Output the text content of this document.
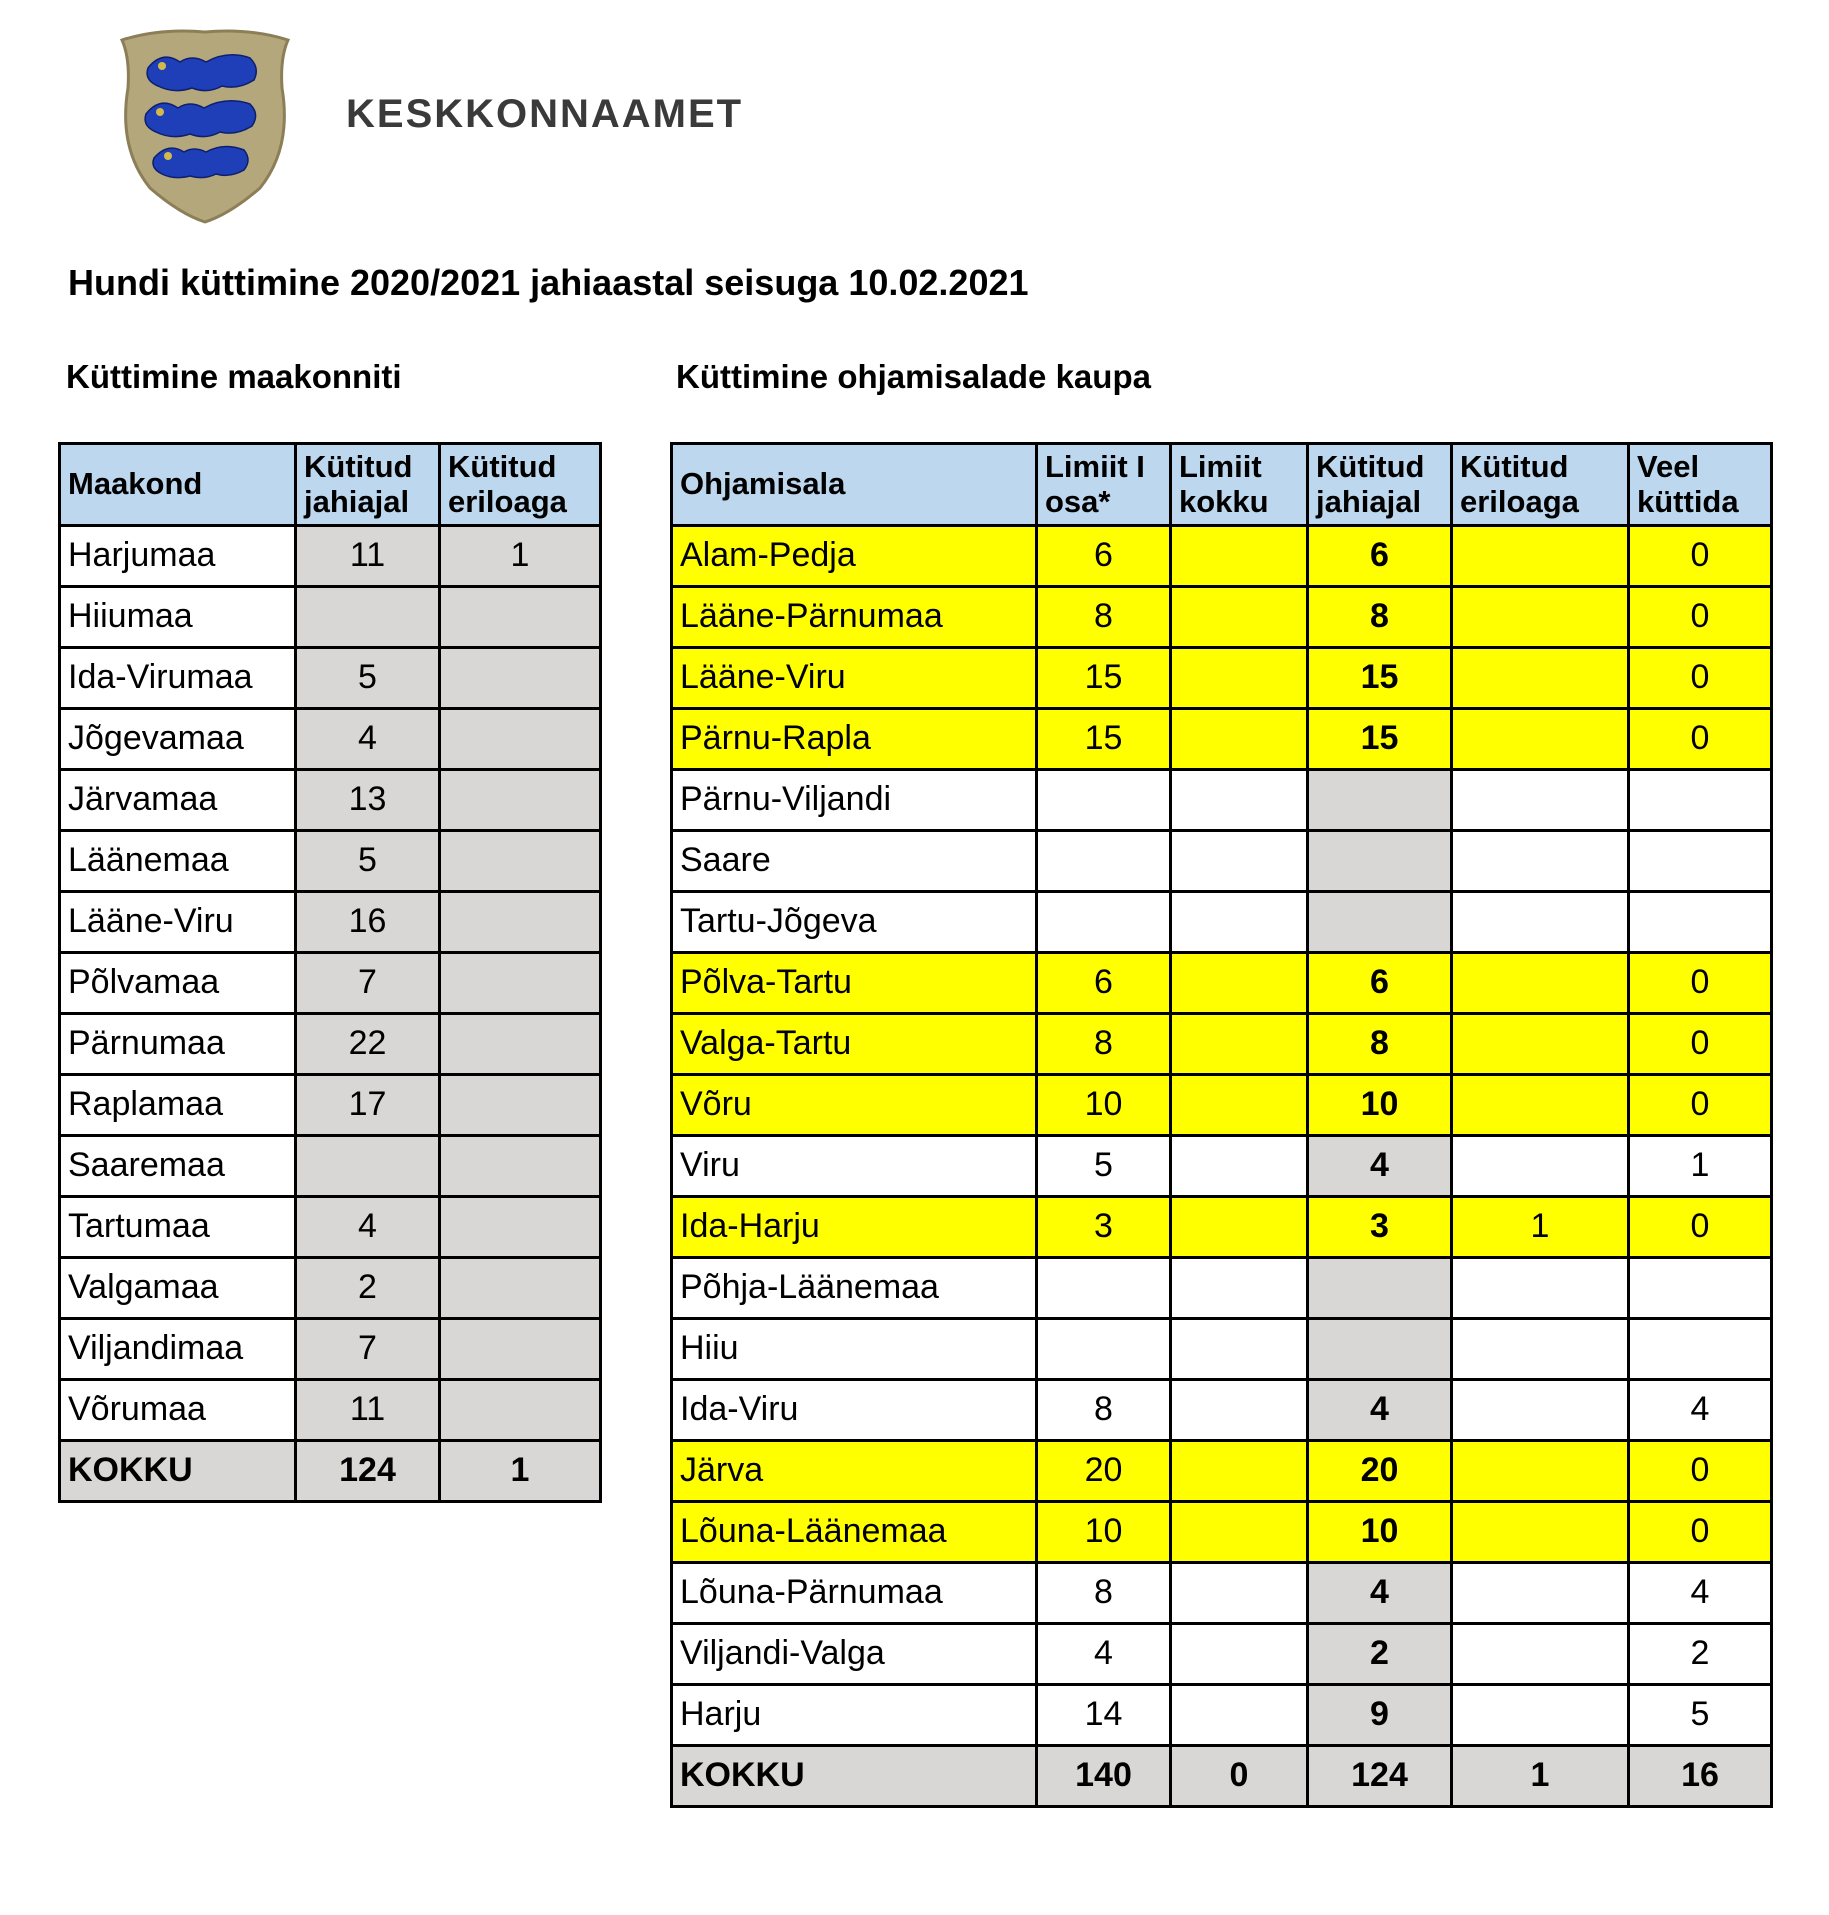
KESKKONNAAMET
Hundi küttimine 2020/2021 jahiaastal seisuga 10.02.2021
Küttimine maakonniti	Küttimine ohjamisalade kaupa
Maakond	Kütitud jahiajal	Kütitud eriloaga
Harjumaa	11	1
Hiiumaa		
Ida-Virumaa	5	
Jõgevamaa	4	
Järvamaa	13	
Läänemaa	5	
Lääne-Viru	16	
Põlvamaa	7	
Pärnumaa	22	
Raplamaa	17	
Saaremaa		
Tartumaa	4	
Valgamaa	2	
Viljandimaa	7	
Võrumaa	11	
KOKKU	124	1
Ohjamisala	Limiit I osa*	Limiit kokku	Kütitud jahiajal	Kütitud eriloaga	Veel küttida
Alam-Pedja	6		6		0
Lääne-Pärnumaa	8		8		0
Lääne-Viru	15		15		0
Pärnu-Rapla	15		15		0
Pärnu-Viljandi					
Saare					
Tartu-Jõgeva					
Põlva-Tartu	6		6		0
Valga-Tartu	8		8		0
Võru	10		10		0
Viru	5		4		1
Ida-Harju	3		3	1	0
Põhja-Läänemaa					
Hiiu					
Ida-Viru	8		4		4
Järva	20		20		0
Lõuna-Läänemaa	10		10		0
Lõuna-Pärnumaa	8		4		4
Viljandi-Valga	4		2		2
Harju	14		9		5
KOKKU	140	0	124	1	16
